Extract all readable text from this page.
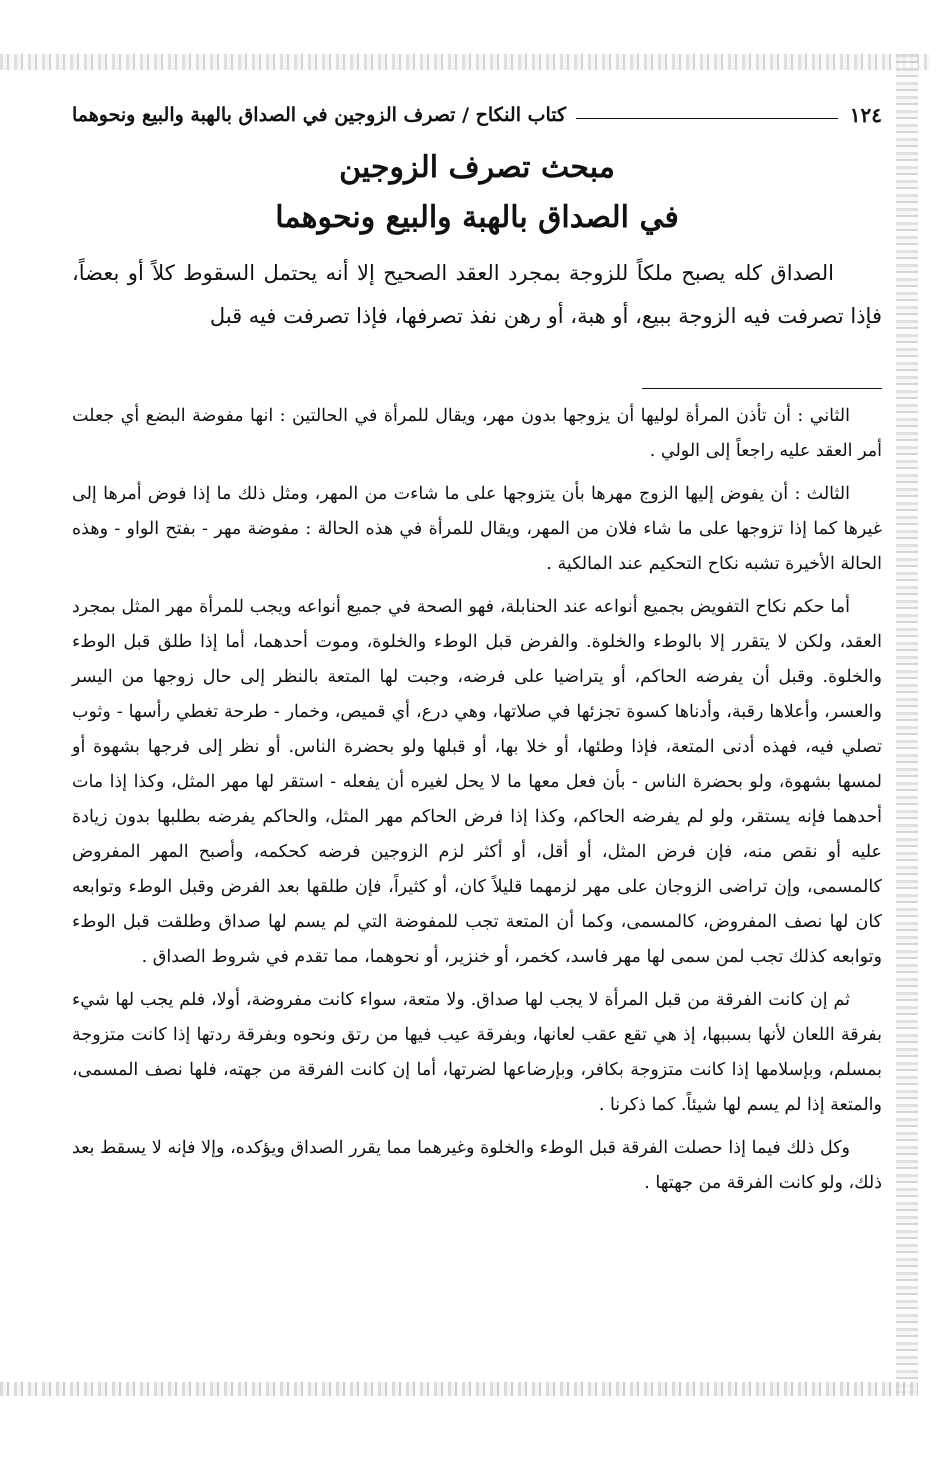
١٢٤
كتاب النكاح / تصرف الزوجين في الصداق بالهبة والبيع ونحوهما
مبحث تصرف الزوجين
في الصداق بالهبة والبيع ونحوهما

الصداق كله يصبح ملكاً للزوجة بمجرد العقد الصحيح إلا أنه يحتمل السقوط كلاً أو بعضاً، فإذا تصرفت فيه الزوجة ببيع، أو هبة، أو رهن نفذ تصرفها، فإذا تصرفت فيه قبل

الثاني : أن تأذن المرأة لوليها أن يزوجها بدون مهر، ويقال للمرأة في الحالتين : انها مفوضة البضع أي جعلت أمر العقد عليه راجعاً إلى الولي .

الثالث : أن يفوض إليها الزوج مهرها بأن يتزوجها على ما شاءت من المهر، ومثل ذلك ما إذا فوض أمرها إلى غيرها كما إذا تزوجها على ما شاء فلان من المهر، ويقال للمرأة في هذه الحالة : مفوضة مهر - بفتح الواو - وهذه الحالة الأخيرة تشبه نكاح التحكيم عند المالكية .

أما حكم نكاح التفويض بجميع أنواعه عند الحنابلة، فهو الصحة في جميع أنواعه ويجب للمرأة مهر المثل بمجرد العقد، ولكن لا يتقرر إلا بالوطء والخلوة. والفرض قبل الوطء والخلوة، وموت أحدهما، أما إذا طلق قبل الوطء والخلوة. وقبل أن يفرضه الحاكم، أو يتراضيا على فرضه، وجبت لها المتعة بالنظر إلى حال زوجها من اليسر والعسر، وأعلاها رقبة، وأدناها كسوة تجزئها في صلاتها، وهي درع، أي قميص، وخمار - طرحة تغطي رأسها - وثوب تصلي فيه، فهذه أدنى المتعة، فإذا وطئها، أو خلا بها، أو قبلها ولو بحضرة الناس. أو نظر إلى فرجها بشهوة أو لمسها بشهوة، ولو بحضرة الناس - بأن فعل معها ما لا يحل لغيره أن يفعله - استقر لها مهر المثل، وكذا إذا مات أحدهما فإنه يستقر، ولو لم يفرضه الحاكم، وكذا إذا فرض الحاكم مهر المثل، والحاكم يفرضه بطلبها بدون زيادة عليه أو نقص منه، فإن فرض المثل، أو أقل، أو أكثر لزم الزوجين فرضه كحكمه، وأصبح المهر المفروض كالمسمى، وإن تراضى الزوجان على مهر لزمهما قليلاً كان، أو كثيراً، فإن طلقها بعد الفرض وقبل الوطء وتوابعه كان لها نصف المفروض، كالمسمى، وكما أن المتعة تجب للمفوضة التي لم يسم لها صداق وطلقت قبل الوطء وتوابعه كذلك تجب لمن سمى لها مهر فاسد، كخمر، أو خنزير، أو نحوهما، مما تقدم في شروط الصداق .

ثم إن كانت الفرقة من قبل المرأة لا يجب لها صداق. ولا متعة، سواء كانت مفروضة، أولا، فلم يجب لها شيء بفرقة اللعان لأنها بسببها، إذ هي تقع عقب لعانها، وبفرقة عيب فيها من رتق ونحوه وبفرقة ردتها إذا كانت متزوجة بمسلم، وبإسلامها إذا كانت متزوجة بكافر، وبإرضاعها لضرتها، أما إن كانت الفرقة من جهته، فلها نصف المسمى، والمتعة إذا لم يسم لها شيئاً. كما ذكرنا .

وكل ذلك فيما إذا حصلت الفرقة قبل الوطء والخلوة وغيرهما مما يقرر الصداق ويؤكده، وإلا فإنه لا يسقط بعد ذلك، ولو كانت الفرقة من جهتها .
